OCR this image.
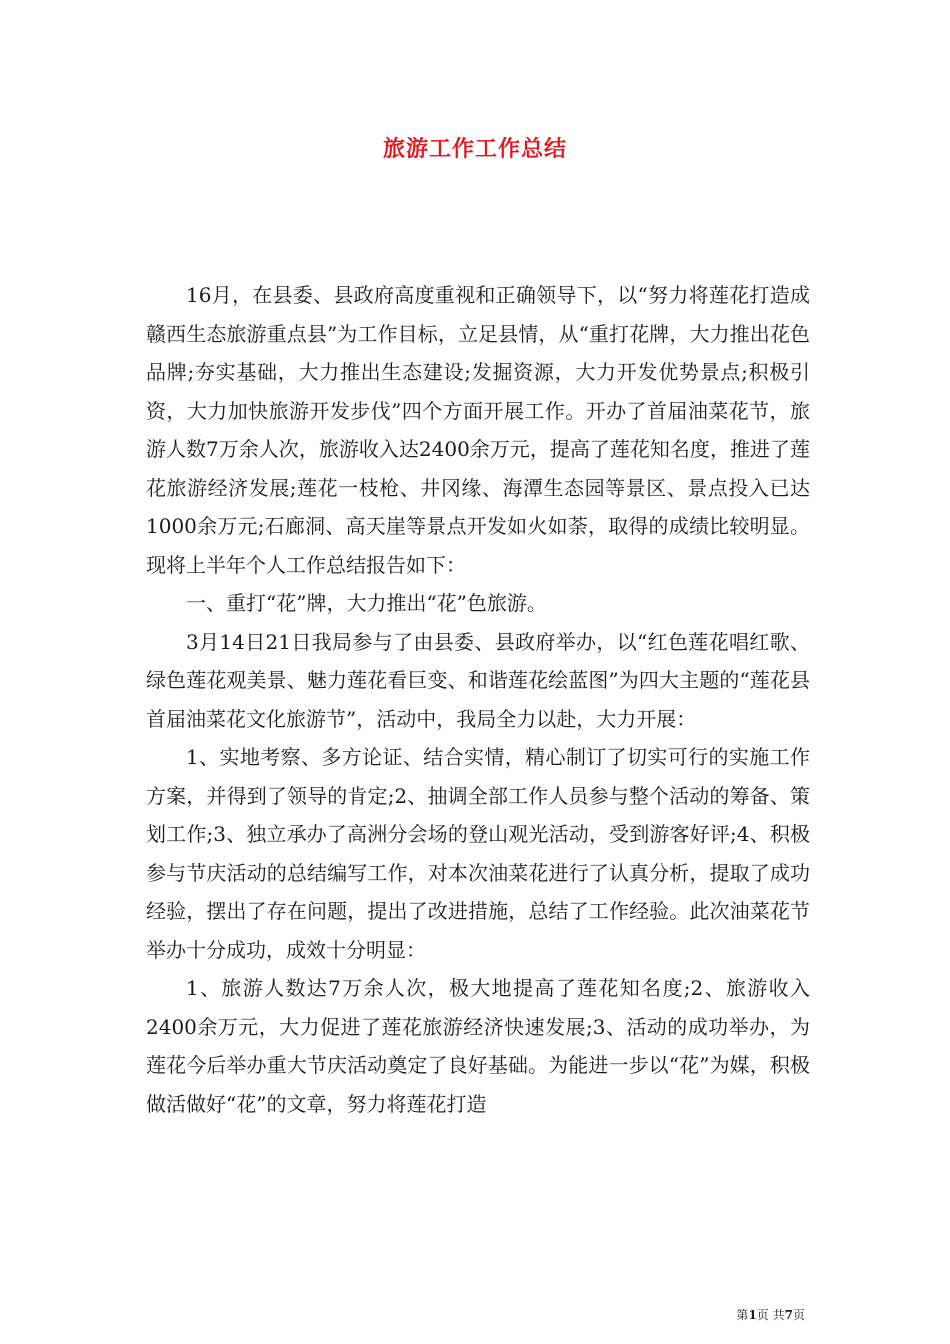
旅游工作工作总结

16月，在县委、县政府高度重视和正确领导下，以“努力将莲花打造成赣西生态旅游重点县”为工作目标，立足县情，从“重打花牌，大力推出花色品牌;夯实基础，大力推出生态建设;发掘资源，大力开发优势景点;积极引资，大力加快旅游开发步伐”四个方面开展工作。开办了首届油菜花节，旅游人数7万余人次，旅游收入达2400余万元，提高了莲花知名度，推进了莲花旅游经济发展;莲花一枝枪、井冈缘、海潭生态园等景区、景点投入已达1000余万元;石廊洞、高天崖等景点开发如火如荼，取得的成绩比较明显。现将上半年个人工作总结报告如下：

一、重打“花”牌，大力推出“花”色旅游。

3月14日21日我局参与了由县委、县政府举办，以“红色莲花唱红歌、绿色莲花观美景、魅力莲花看巨变、和谐莲花绘蓝图”为四大主题的“莲花县首届油菜花文化旅游节”，活动中，我局全力以赴，大力开展：

1、实地考察、多方论证、结合实情，精心制订了切实可行的实施工作方案，并得到了领导的肯定;2、抽调全部工作人员参与整个活动的筹备、策划工作;3、独立承办了高洲分会场的登山观光活动，受到游客好评;4、积极参与节庆活动的总结编写工作，对本次油菜花进行了认真分析，提取了成功经验，摆出了存在问题，提出了改进措施，总结了工作经验。此次油菜花节举办十分成功，成效十分明显：

1、旅游人数达7万余人次，极大地提高了莲花知名度;2、旅游收入2400余万元，大力促进了莲花旅游经济快速发展;3、活动的成功举办，为莲花今后举办重大节庆活动奠定了良好基础。为能进一步以“花”为媒，积极做活做好“花”的文章，努力将莲花打造

第1页 共7页
